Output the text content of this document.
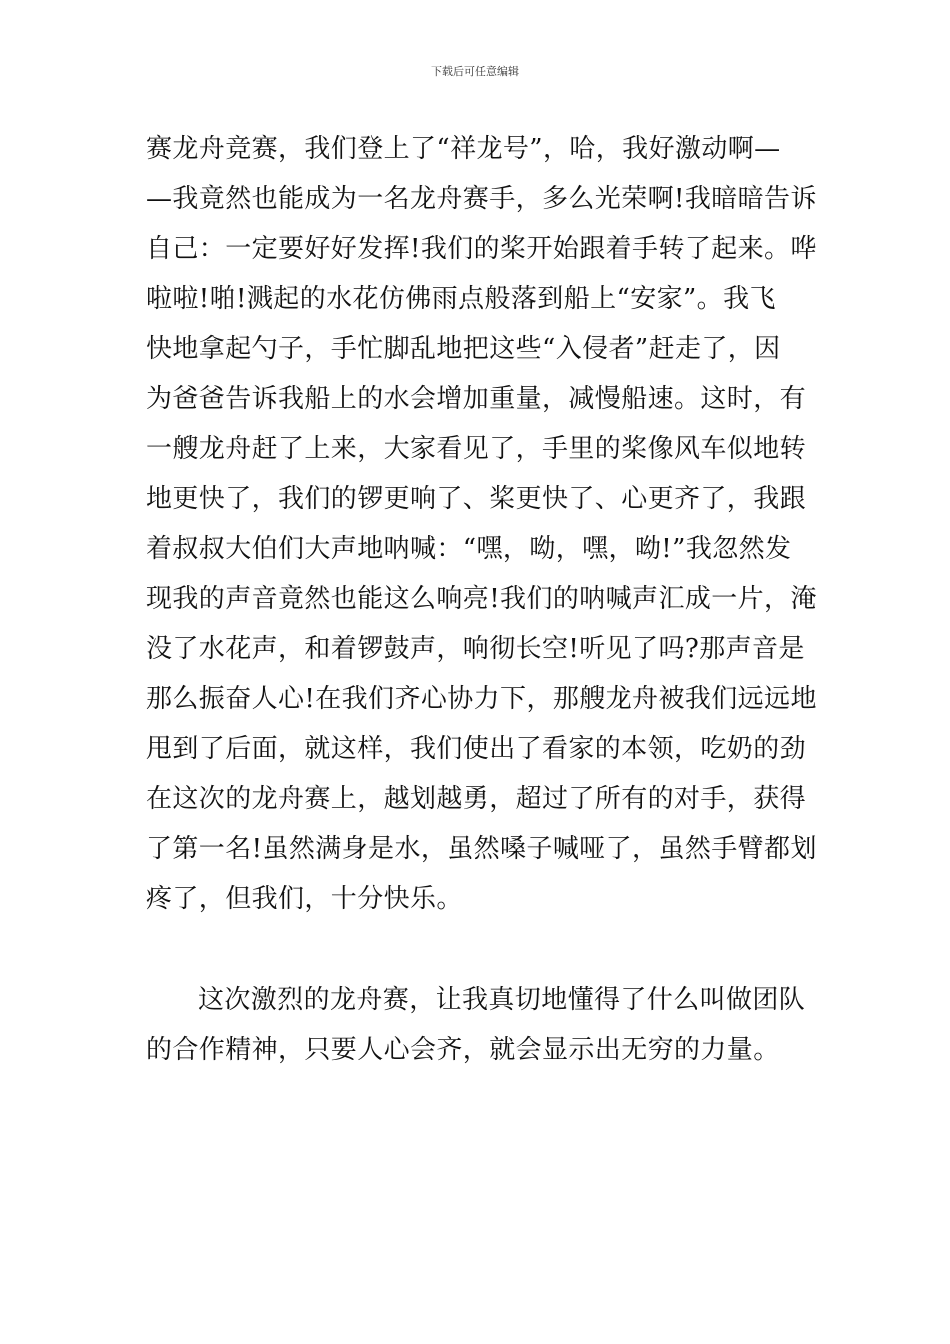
下载后可任意编辑
赛龙舟竞赛，我们登上了“祥龙号”，哈，我好激动啊—
—我竟然也能成为一名龙舟赛手，多么光荣啊!我暗暗告诉
自己：一定要好好发挥!我们的桨开始跟着手转了起来。哗
啦啦!啪!溅起的水花仿佛雨点般落到船上“安家”。我飞
快地拿起勺子，手忙脚乱地把这些“入侵者”赶走了，因
为爸爸告诉我船上的水会增加重量，减慢船速。这时，有
一艘龙舟赶了上来，大家看见了，手里的桨像风车似地转
地更快了，我们的锣更响了、桨更快了、心更齐了，我跟
着叔叔大伯们大声地呐喊：“嘿，呦，嘿，呦!”我忽然发
现我的声音竟然也能这么响亮!我们的呐喊声汇成一片，淹
没了水花声，和着锣鼓声，响彻长空!听见了吗?那声音是
那么振奋人心!在我们齐心协力下，那艘龙舟被我们远远地
甩到了后面，就这样，我们使出了看家的本领，吃奶的劲
在这次的龙舟赛上，越划越勇，超过了所有的对手，获得
了第一名!虽然满身是水，虽然嗓子喊哑了，虽然手臂都划
疼了，但我们，十分快乐。
这次激烈的龙舟赛，让我真切地懂得了什么叫做团队
的合作精神，只要人心会齐，就会显示出无穷的力量。
